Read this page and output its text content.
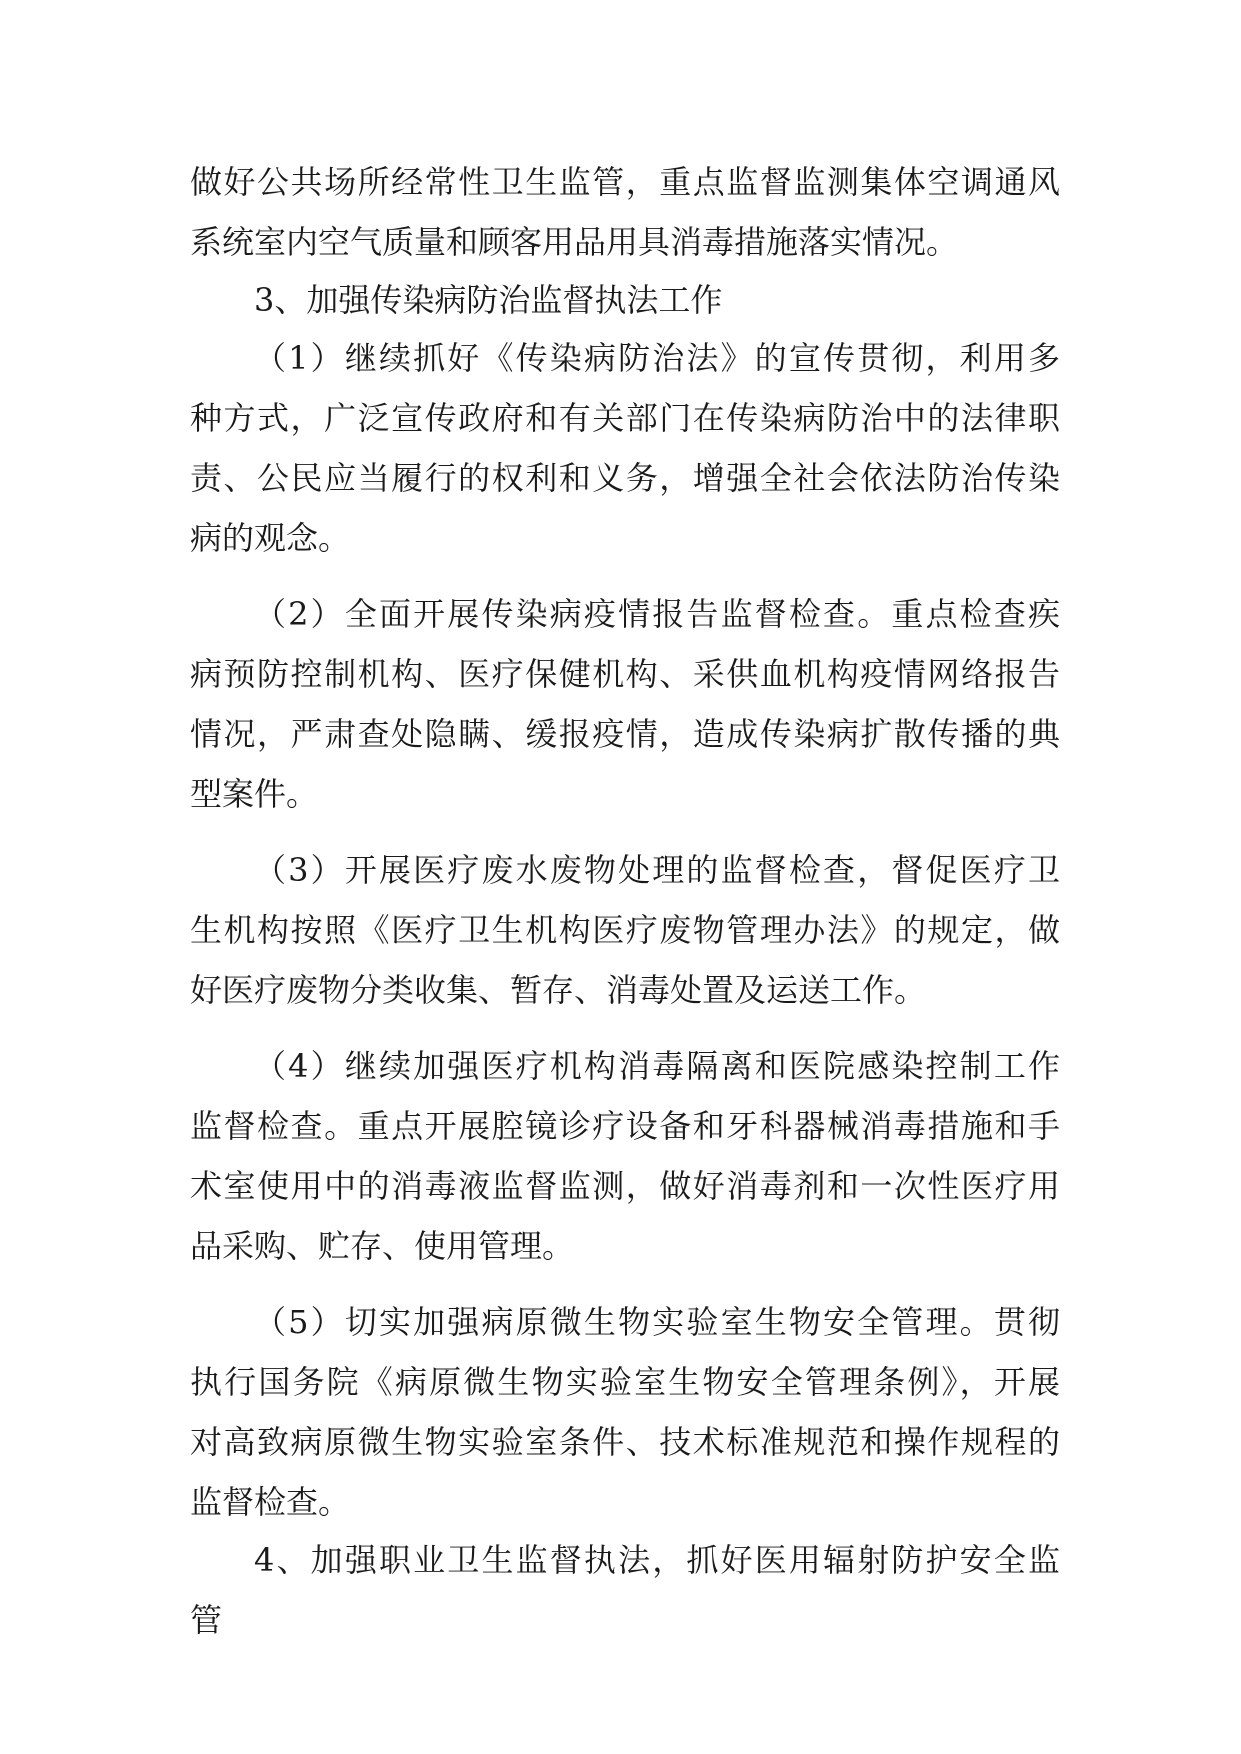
做好公共场所经常性卫生监管，重点监督监测集体空调通风
系统室内空气质量和顾客用品用具消毒措施落实情况。
3、加强传染病防治监督执法工作
（1）继续抓好《传染病防治法》的宣传贯彻，利用多
种方式，广泛宣传政府和有关部门在传染病防治中的法律职
责、公民应当履行的权利和义务，增强全社会依法防治传染
病的观念。
（2）全面开展传染病疫情报告监督检查。重点检查疾
病预防控制机构、医疗保健机构、采供血机构疫情网络报告
情况，严肃查处隐瞒、缓报疫情，造成传染病扩散传播的典
型案件。
（3）开展医疗废水废物处理的监督检查，督促医疗卫
生机构按照《医疗卫生机构医疗废物管理办法》的规定，做
好医疗废物分类收集、暂存、消毒处置及运送工作。
（4）继续加强医疗机构消毒隔离和医院感染控制工作
监督检查。重点开展腔镜诊疗设备和牙科器械消毒措施和手
术室使用中的消毒液监督监测，做好消毒剂和一次性医疗用
品采购、贮存、使用管理。
（5）切实加强病原微生物实验室生物安全管理。贯彻
执行国务院《病原微生物实验室生物安全管理条例》，开展
对高致病原微生物实验室条件、技术标准规范和操作规程的
监督检查。
4、加强职业卫生监督执法，抓好医用辐射防护安全监
管
